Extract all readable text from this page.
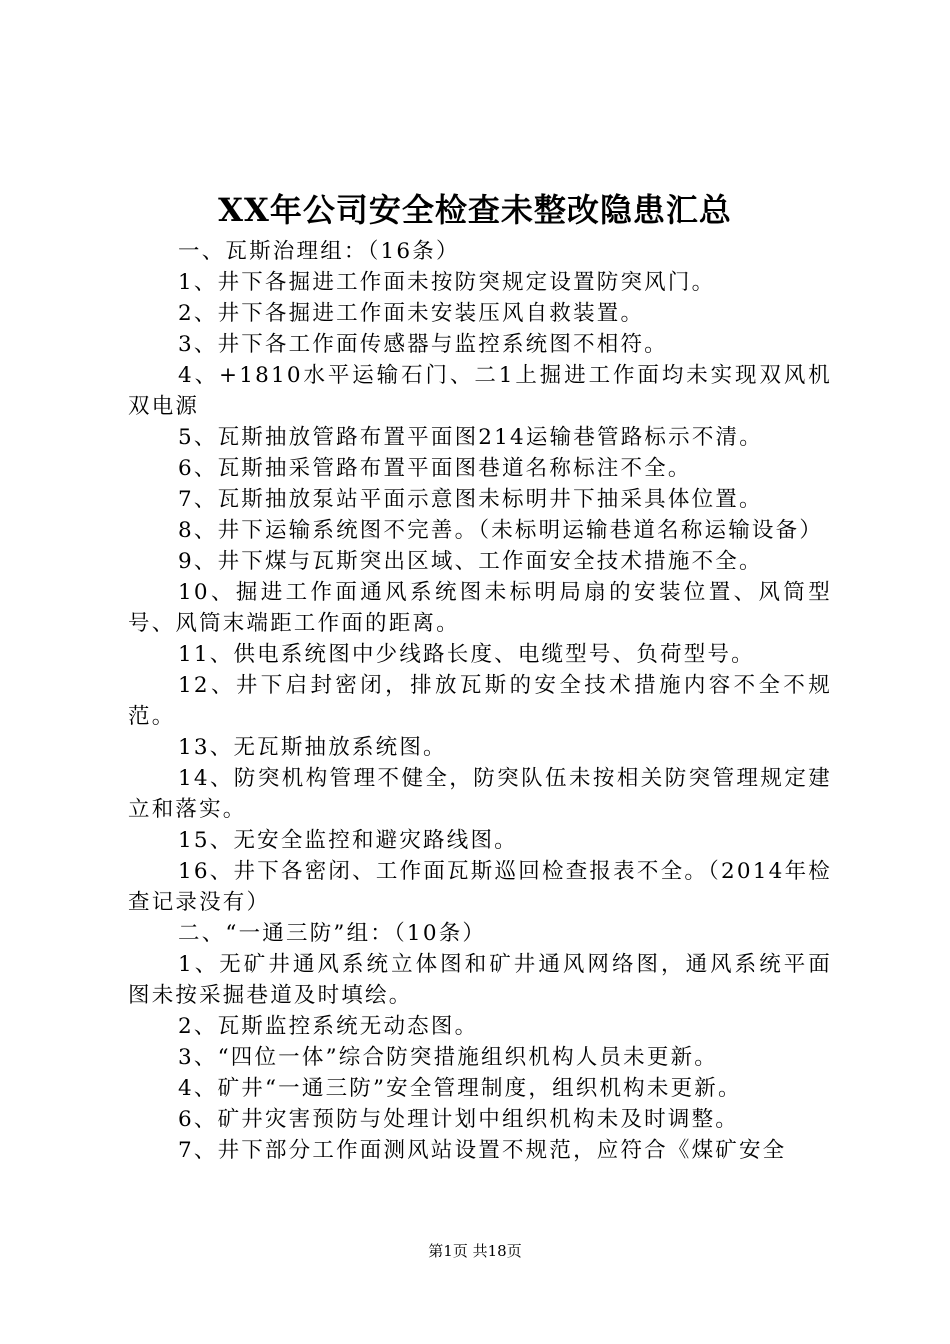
XX年公司安全检查未整改隐患汇总

一、瓦斯治理组：（16条）

1、井下各掘进工作面未按防突规定设置防突风门。

2、井下各掘进工作面未安装压风自救装置。

3、井下各工作面传感器与监控系统图不相符。

4、+1810水平运输石门、二1上掘进工作面均未实现双风机双电源

5、瓦斯抽放管路布置平面图214运输巷管路标示不清。

6、瓦斯抽采管路布置平面图巷道名称标注不全。

7、瓦斯抽放泵站平面示意图未标明井下抽采具体位置。

8、井下运输系统图不完善。（未标明运输巷道名称运输设备）

9、井下煤与瓦斯突出区域、工作面安全技术措施不全。

10、掘进工作面通风系统图未标明局扇的安装位置、风筒型号、风筒末端距工作面的距离。

11、供电系统图中少线路长度、电缆型号、负荷型号。

12、井下启封密闭，排放瓦斯的安全技术措施内容不全不规范。

13、无瓦斯抽放系统图。

14、防突机构管理不健全，防突队伍未按相关防突管理规定建立和落实。

15、无安全监控和避灾路线图。

16、井下各密闭、工作面瓦斯巡回检查报表不全。（2014年检查记录没有）

二、“一通三防”组：（10条）

1、无矿井通风系统立体图和矿井通风网络图，通风系统平面图未按采掘巷道及时填绘。

2、瓦斯监控系统无动态图。

3、“四位一体”综合防突措施组织机构人员未更新。

4、矿井“一通三防”安全管理制度，组织机构未更新。

6、矿井灾害预防与处理计划中组织机构未及时调整。

7、井下部分工作面测风站设置不规范，应符合《煤矿安全

第1页 共18页
